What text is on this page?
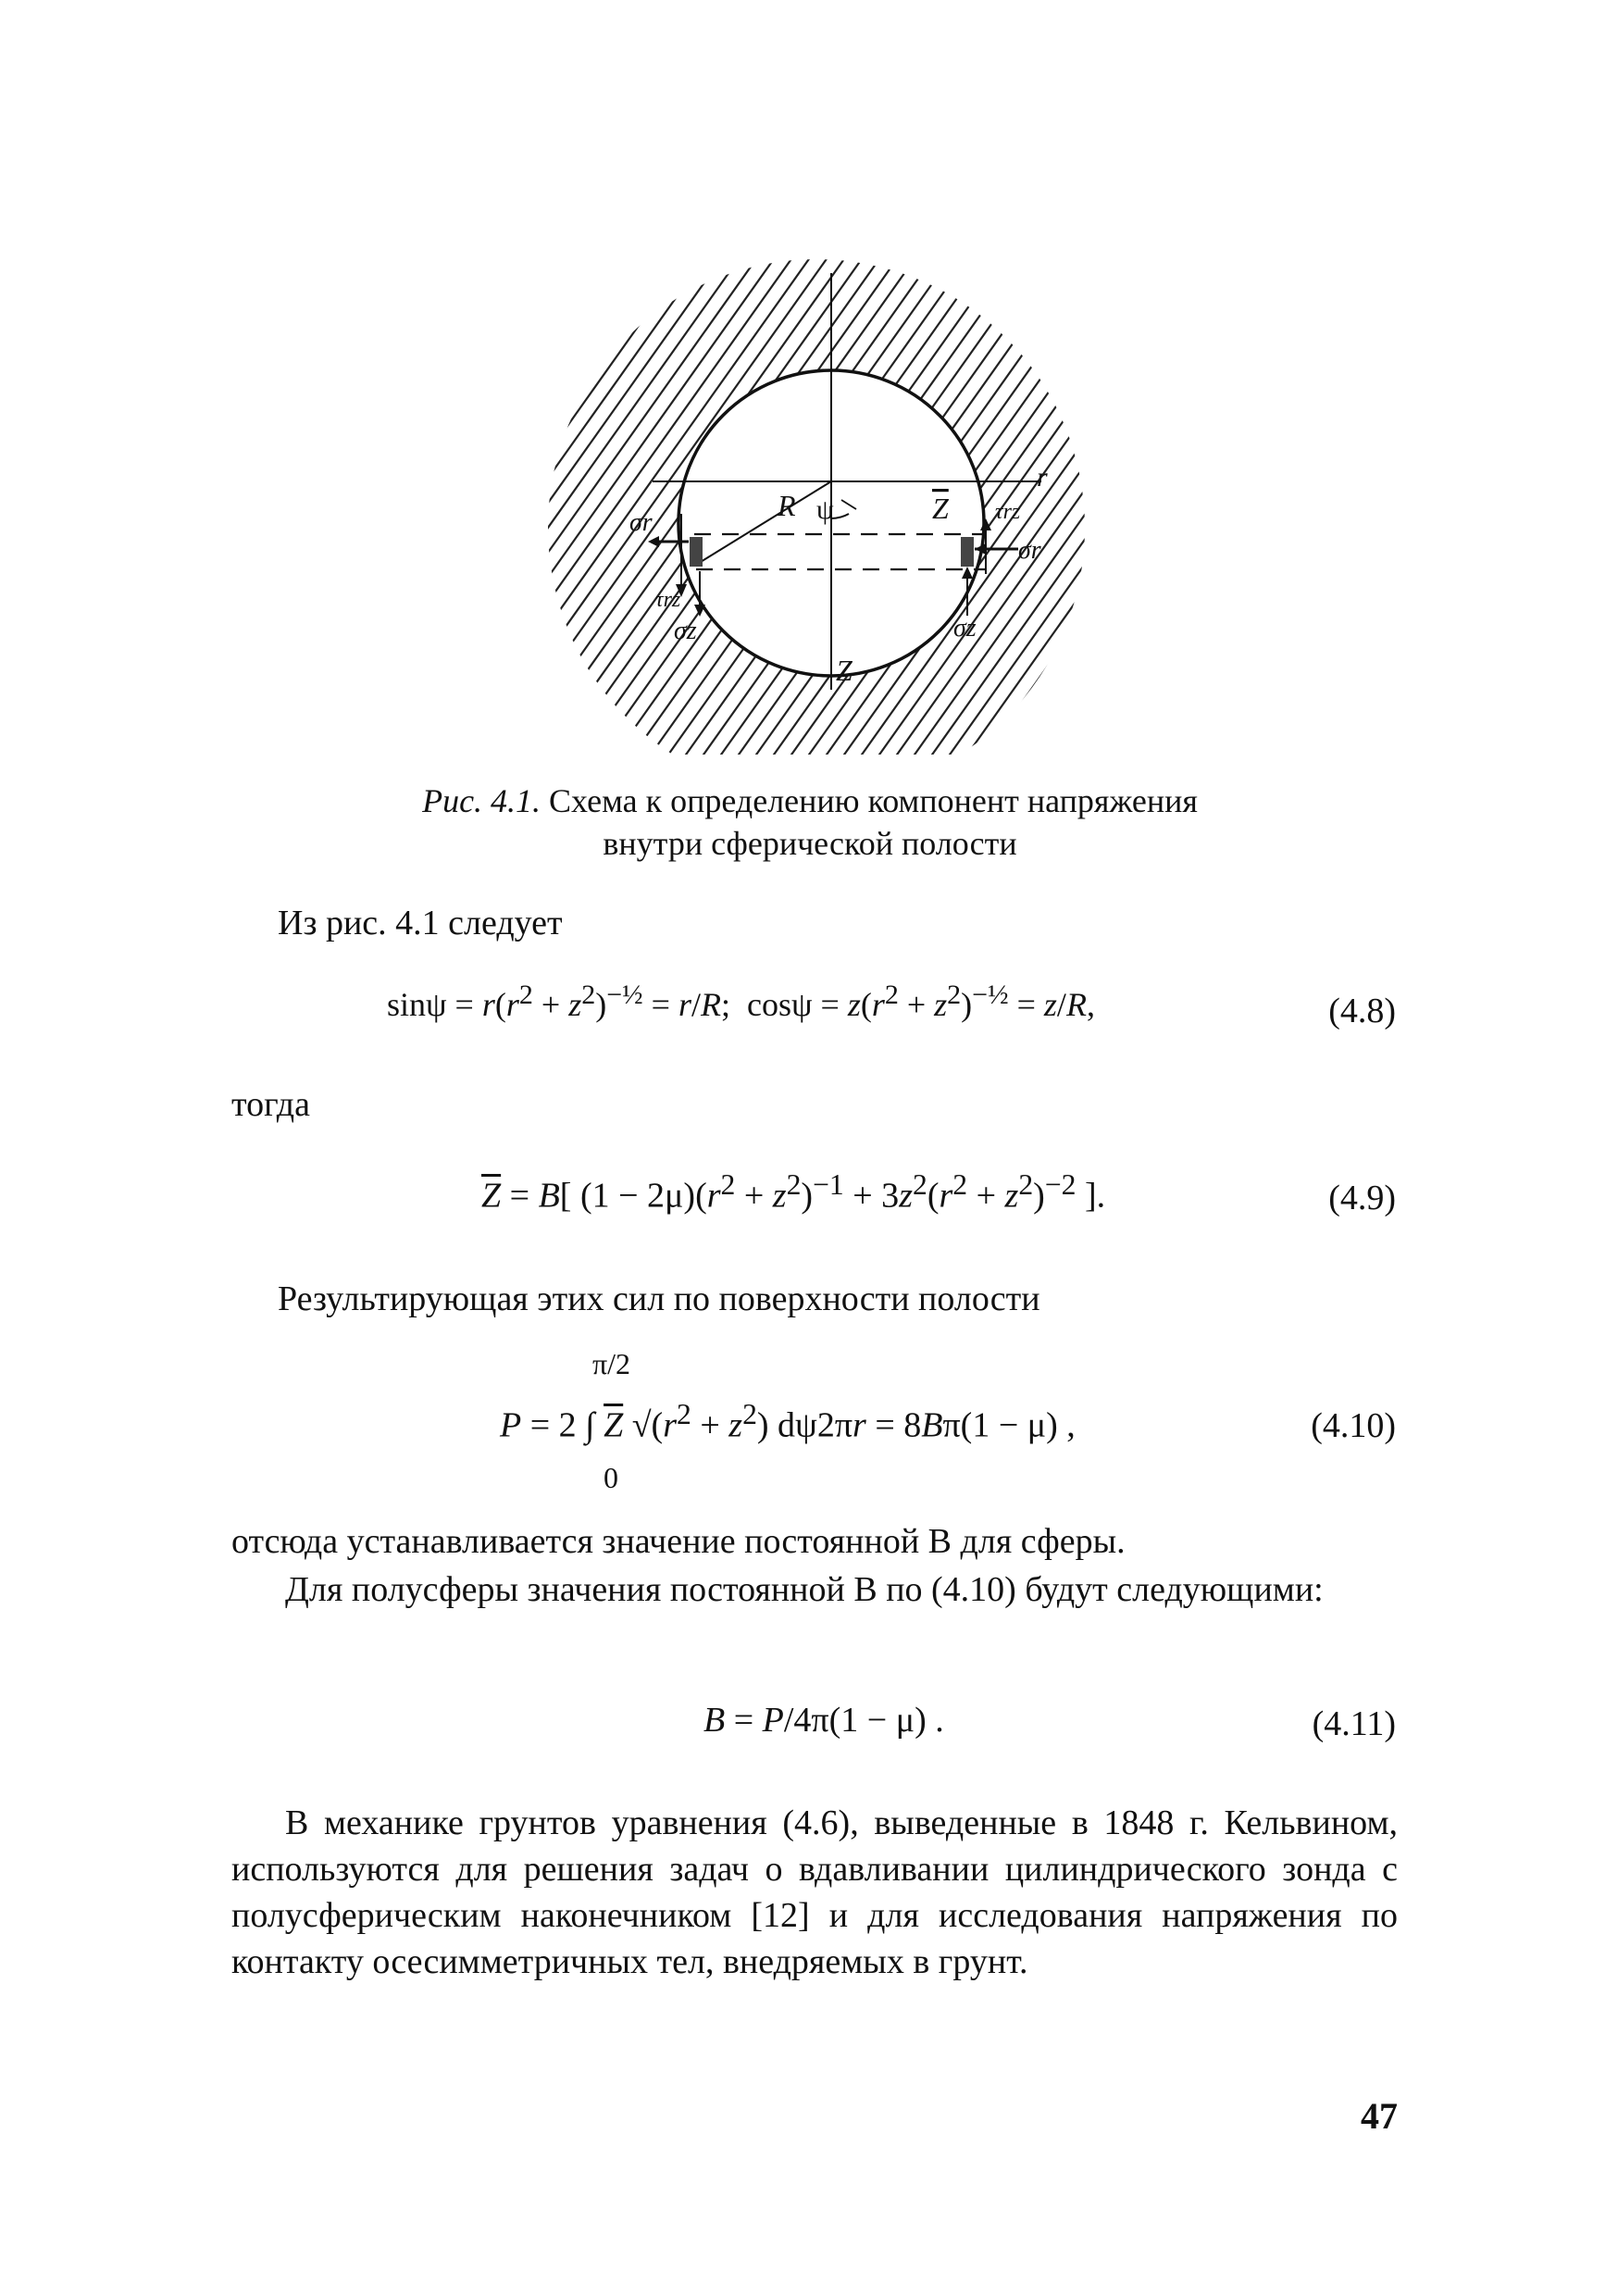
R ψ	Z
r
Z
σr
σr
τrz
τrz
σz	σz
Рис. 4.1. Схема к определению компонент напряжения
внутри сферической полости
Из рис. 4.1 следует
$\sin\psi = r(r^2 + z^2)^{-\frac{1}{2}} = r/R$;  $\cos\psi = z(r^2 + z^2)^{-\frac{1}{2}} = z/R$,	(4.8)
тогда
$\overline{Z} = B$[ $(1 - 2\mu)(r^2 + z^2)^{-1} + 3z^2(r^2 + z^2)^{-2}$ ].	(4.9)
Результирующая этих сил по поверхности полости
π/2
P = 2 ∫ $\overline{Z}$ $√(r^2 + z^2) d\psi 2\pi r = 8B\pi(1 - \mu)$ ,
0
(4.10)
отсюда устанавливается значение постоянной B для сферы.
Для полусферы значения постоянной B по (4.10) будут следующими:
B = P/4π(1 − μ) .	(4.11)
В механике грунтов уравнения (4.6), выведенные в 1848 г. Кельвином, используются для решения задач о вдавливании цилиндрического зонда с полусферическим наконечником [12] и для исследования напряжения по контакту осесимметричных тел, внедряемых в грунт.
47
